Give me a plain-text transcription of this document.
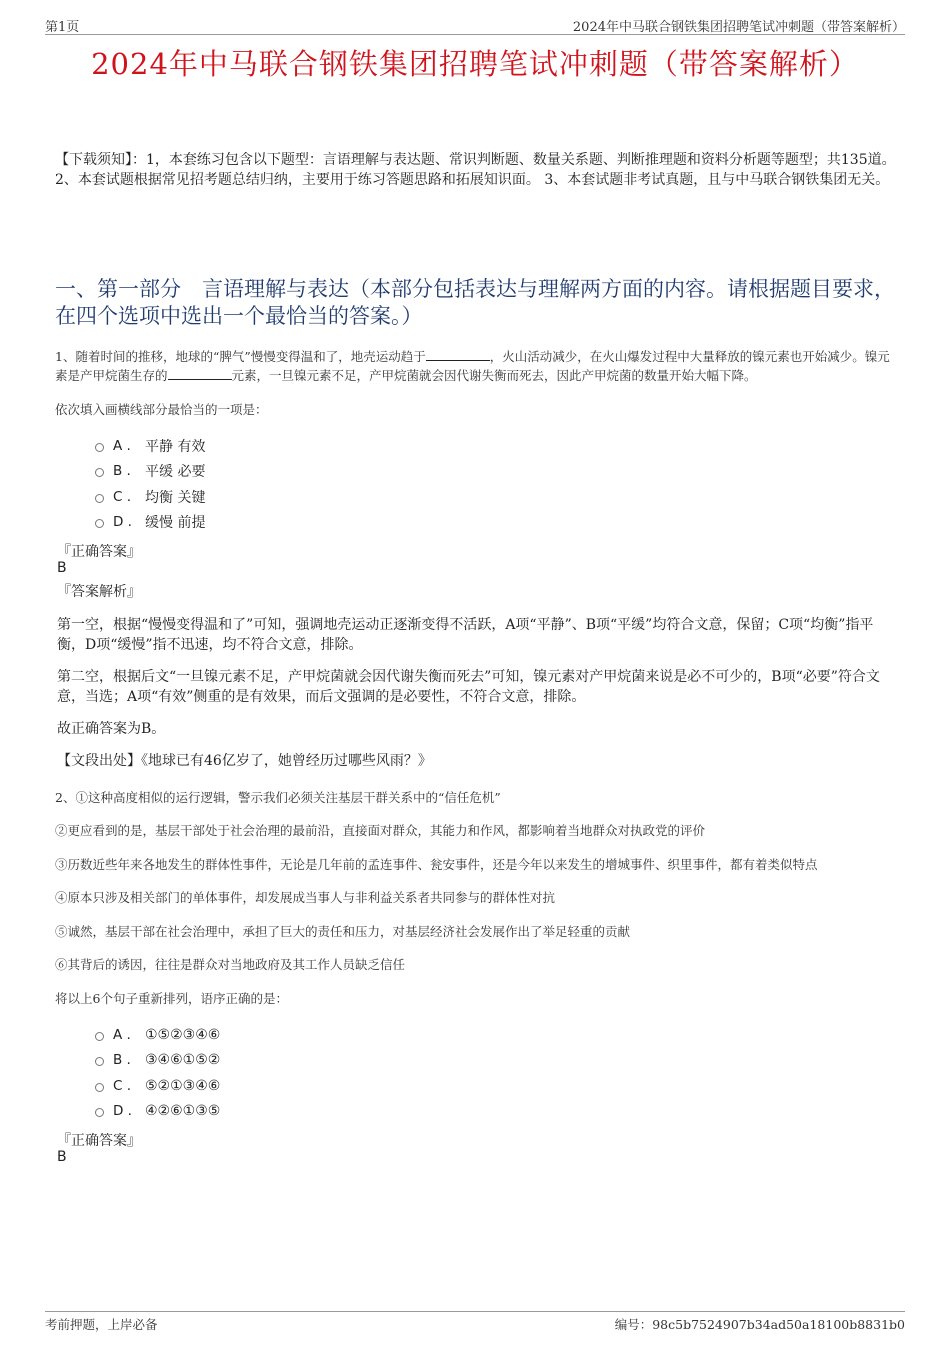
第1页	2024年中马联合钢铁集团招聘笔试冲刺题（带答案解析）
2024年中马联合钢铁集团招聘笔试冲刺题（带答案解析）
【下载须知】：1，本套练习包含以下题型：言语理解与表达题、常识判断题、数量关系题、判断推理题和资料分析题等题型；共135道。 2、本套试题根据常见招考题总结归纳，主要用于练习答题思路和拓展知识面。 3、本套试题非考试真题，且与中马联合钢铁集团无关。
一、第一部分　言语理解与表达（本部分包括表达与理解两方面的内容。请根据题目要求，在四个选项中选出一个最恰当的答案。）
1、随着时间的推移，地球的“脾气”慢慢变得温和了，地壳运动趋于	，火山活动减少，在火山爆发过程中大量释放的镍元素也开始减少。镍元素是产甲烷菌生存的	元素，一旦镍元素不足，产甲烷菌就会因代谢失衡而死去，因此产甲烷菌的数量开始大幅下降。
依次填入画横线部分最恰当的一项是：
A .	平静 有效
B .	平缓 必要
C . 均衡 关键
D . 缓慢 前提
『正确答案』
B
『答案解析』
第一空，根据“慢慢变得温和了”可知，强调地壳运动正逐渐变得不活跃，A项“平静”、B项“平缓”均符合文意，保留；C项“均衡”指平衡，D项“缓慢”指不迅速，均不符合文意，排除。
第二空，根据后文“一旦镍元素不足，产甲烷菌就会因代谢失衡而死去”可知，镍元素对产甲烷菌来说是必不可少的，B项“必要”符合文意，当选；A项“有效”侧重的是有效果，而后文强调的是必要性，不符合文意，排除。
故正确答案为B。
【文段出处】《地球已有46亿岁了，她曾经历过哪些风雨？》
2、①这种高度相似的运行逻辑，警示我们必须关注基层干群关系中的“信任危机”
②更应看到的是，基层干部处于社会治理的最前沿，直接面对群众，其能力和作风，都影响着当地群众对执政党的评价
③历数近些年来各地发生的群体性事件，无论是几年前的孟连事件、瓮安事件，还是今年以来发生的增城事件、织里事件，都有着类似特点
④原本只涉及相关部门的单体事件，却发展成当事人与非利益关系者共同参与的群体性对抗
⑤诚然，基层干部在社会治理中，承担了巨大的责任和压力，对基层经济社会发展作出了举足轻重的贡献
⑥其背后的诱因，往往是群众对当地政府及其工作人员缺乏信任
将以上6个句子重新排列，语序正确的是：
A .	①⑤②③④⑥
B .	③④⑥①⑤②
C . ⑤②①③④⑥
D . ④②⑥①③⑤
『正确答案』
B
考前押题，上岸必备	编号：98c5b7524907b34ad50a18100b8831b0
